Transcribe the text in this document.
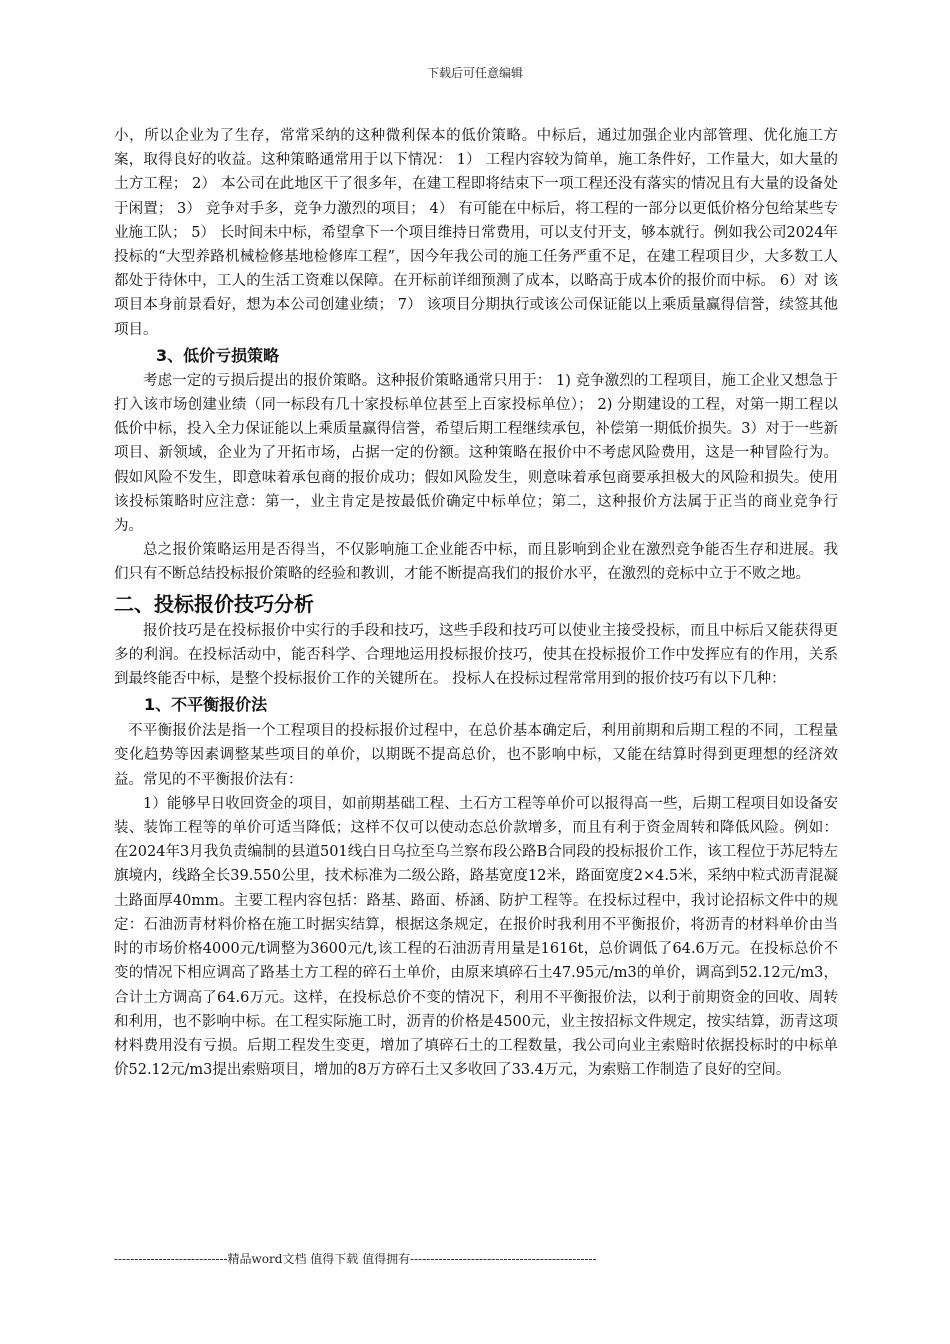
下载后可任意编辑

小，所以企业为了生存，常常采纳的这种微利保本的低价策略。中标后，通过加强企业内部管理、优化施工方案，取得良好的收益。这种策略通常用于以下情况： 1） 工程内容较为简单，施工条件好，工作量大，如大量的土方工程； 2） 本公司在此地区干了很多年，在建工程即将结束下一项工程还没有落实的情况且有大量的设备处于闲置； 3） 竞争对手多，竞争力激烈的项目； 4） 有可能在中标后，将工程的一部分以更低价格分包给某些专业施工队； 5） 长时间未中标，希望拿下一个项目维持日常费用，可以支付开支，够本就行。例如我公司2024年投标的“大型养路机械检修基地检修库工程”，因今年我公司的施工任务严重不足，在建工程项目少，大多数工人都处于待休中，工人的生活工资难以保障。在开标前详细预测了成本，以略高于成本价的报价而中标。 6）对 该项目本身前景看好，想为本公司创建业绩； 7） 该项目分期执行或该公司保证能以上乘质量赢得信誉，续签其他项目。

3、低价亏损策略

考虑一定的亏损后提出的报价策略。这种报价策略通常只用于： 1) 竞争激烈的工程项目，施工企业又想急于打入该市场创建业绩（同一标段有几十家投标单位甚至上百家投标单位）； 2) 分期建设的工程，对第一期工程以低价中标，投入全力保证能以上乘质量赢得信誉，希望后期工程继续承包，补偿第一期低价损失。3）对于一些新项目、新领域，企业为了开拓市场，占据一定的份额。这种策略在报价中不考虑风险费用，这是一种冒险行为。假如风险不发生，即意味着承包商的报价成功；假如风险发生，则意味着承包商要承担极大的风险和损失。使用该投标策略时应注意：第一，业主肯定是按最低价确定中标单位；第二，这种报价方法属于正当的商业竞争行为。

总之报价策略运用是否得当，不仅影响施工企业能否中标，而且影响到企业在激烈竞争能否生存和进展。我们只有不断总结投标报价策略的经验和教训，才能不断提高我们的报价水平，在激烈的竞标中立于不败之地。

二、投标报价技巧分析

报价技巧是在投标报价中实行的手段和技巧，这些手段和技巧可以使业主接受投标，而且中标后又能获得更多的利润。在投标活动中，能否科学、合理地运用投标报价技巧，使其在投标报价工作中发挥应有的作用，关系到最终能否中标，是整个投标报价工作的关键所在。 投标人在投标过程常常用到的报价技巧有以下几种：

1、不平衡报价法

不平衡报价法是指一个工程项目的投标报价过程中，在总价基本确定后，利用前期和后期工程的不同，工程量变化趋势等因素调整某些项目的单价，以期既不提高总价，也不影响中标，又能在结算时得到更理想的经济效益。常见的不平衡报价法有：

1）能够早日收回资金的项目，如前期基础工程、土石方工程等单价可以报得高一些，后期工程项目如设备安装、装饰工程等的单价可适当降低；这样不仅可以使动态总价款增多，而且有利于资金周转和降低风险。例如：在2024年3月我负责编制的县道501线白日乌拉至乌兰察布段公路B合同段的投标报价工作，该工程位于苏尼特左旗境内，线路全长39.550公里，技术标准为二级公路，路基宽度12米，路面宽度2×4.5米，采纳中粒式沥青混凝土路面厚40mm。主要工程内容包括：路基、路面、桥涵、防护工程等。在投标过程中，我讨论招标文件中的规定：石油沥青材料价格在施工时据实结算，根据这条规定，在报价时我利用不平衡报价，将沥青的材料单价由当时的市场价格4000元/t调整为3600元/t,该工程的石油沥青用量是1616t，总价调低了64.6万元。在投标总价不变的情况下相应调高了路基土方工程的碎石土单价，由原来填碎石土47.95元/m3的单价，调高到52.12元/m3，合计土方调高了64.6万元。这样，在投标总价不变的情况下，利用不平衡报价法，以利于前期资金的回收、周转和利用，也不影响中标。在工程实际施工时，沥青的价格是4500元，业主按招标文件规定，按实结算，沥青这项材料费用没有亏损。后期工程发生变更，增加了填碎石土的工程数量，我公司向业主索赔时依据投标时的中标单价52.12元/m3提出索赔项目，增加的8万方碎石土又多收回了33.4万元，为索赔工作制造了良好的空间。

----------------------------精品word文档 值得下载 值得拥有----------------------------------------------
